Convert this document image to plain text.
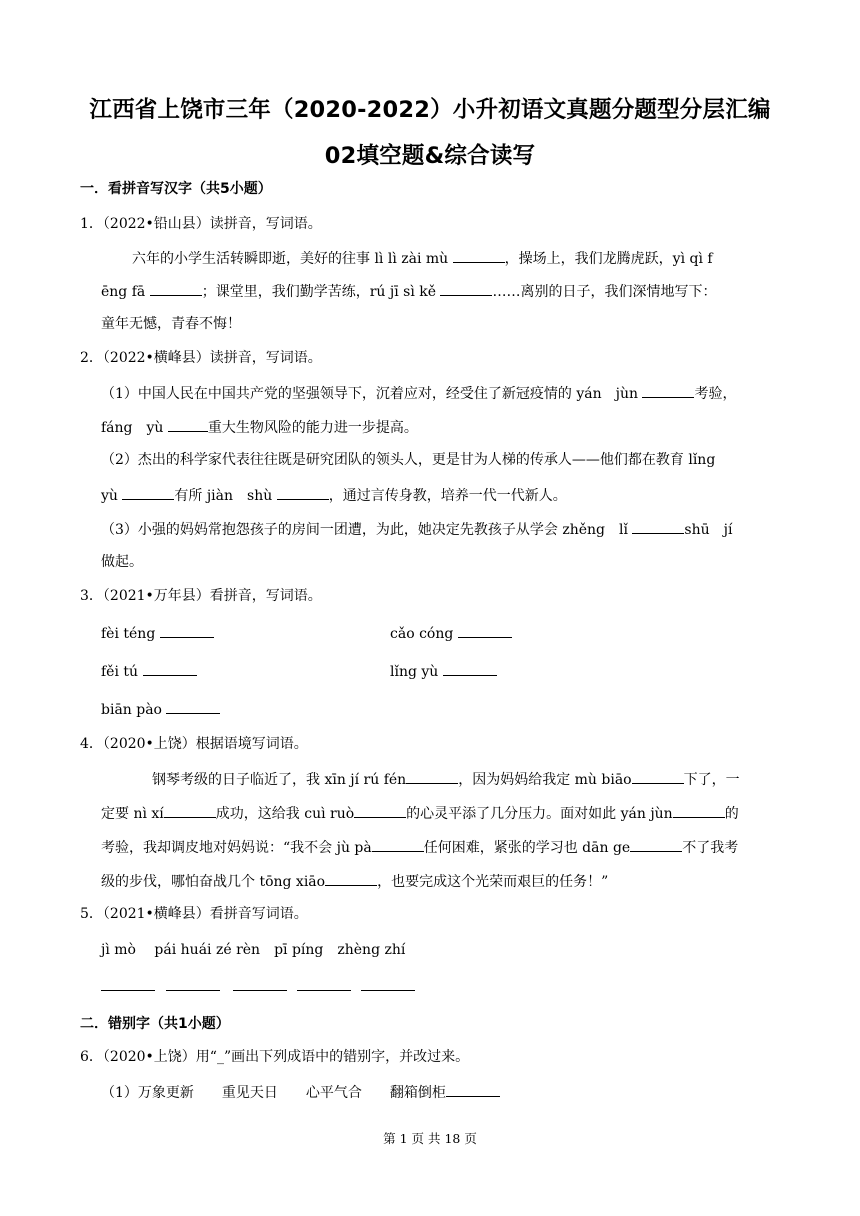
江西省上饶市三年（2020-2022）小升初语文真题分题型分层汇编
02填空题&综合读写
一．看拼音写汉字（共5小题）
1．（2022•铅山县）读拼音，写词语。
六年的小学生活转瞬即逝，美好的往事 lì lì zài mù	，操场上，我们龙腾虎跃，yì qì f
ēng fā	；课堂里，我们勤学苦练，rú jī sì kě	……离别的日子，我们深情地写下：
童年无憾，青春不悔！
2．（2022•横峰县）读拼音，写词语。
（1）中国人民在中国共产党的坚强领导下，沉着应对，经受住了新冠疫情的 yán　jùn	考验，
fáng　yù	重大生物风险的能力进一步提高。
（2）杰出的科学家代表往往既是研究团队的领头人，更是甘为人梯的传承人——他们都在教育 lǐng
yù	有所 jiàn　shù	，通过言传身教，培养一代一代新人。
（3）小强的妈妈常抱怨孩子的房间一团遭，为此，她决定先教孩子从学会 zhěng　lǐ	shū　jí
做起。
3．（2021•万年县）看拼音，写词语。
fèi téng	cǎo cóng
fěi tú	lǐng yù
biān pào
4．（2020•上饶）根据语境写词语。
钢琴考级的日子临近了，我 xīn jí rú fén	，因为妈妈给我定 mù biāo	下了，一
定要 nì xí	成功，这给我 cuì ruò	的心灵平添了几分压力。面对如此 yán jùn	的
考验，我却调皮地对妈妈说：“我不会 jù pà	任何困难，紧张的学习也 dān ge	不了我考
级的步伐，哪怕奋战几个 tōng xiāo	，也要完成这个光荣而艰巨的任务！”
5．（2021•横峰县）看拼音写词语。
jì mò　 pái huái zé rèn　pī píng　zhèng zhí
二．错别字（共1小题）
6．（2020•上饶）用“_”画出下列成语中的错别字，并改过来。
（1）万象更新　　重见天日　　心平气合　　翻箱倒柜
第 1 页 共 18 页
